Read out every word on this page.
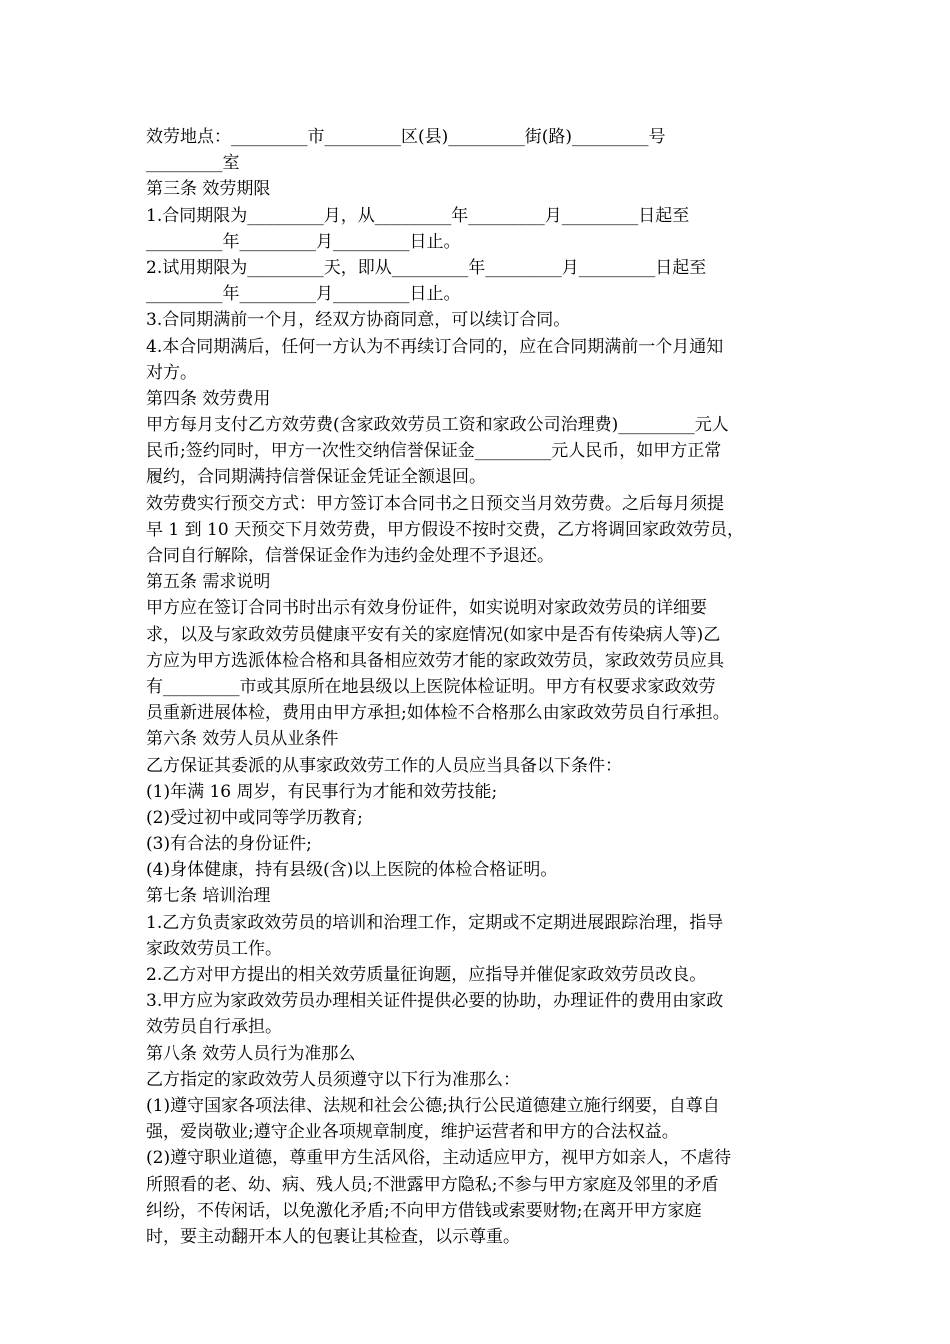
效劳地点：_________市_________区(县)_________街(路)_________号
_________室
第三条 效劳期限
1.合同期限为_________月，从_________年_________月_________日起至
_________年_________月_________日止。
2.试用期限为_________天，即从_________年_________月_________日起至
_________年_________月_________日止。
3.合同期满前一个月，经双方协商同意，可以续订合同。
4.本合同期满后，任何一方认为不再续订合同的，应在合同期满前一个月通知
对方。
第四条 效劳费用
甲方每月支付乙方效劳费(含家政效劳员工资和家政公司治理费)_________元人
民币;签约同时，甲方一次性交纳信誉保证金_________元人民币，如甲方正常
履约，合同期满持信誉保证金凭证全额退回。
效劳费实行预交方式：甲方签订本合同书之日预交当月效劳费。之后每月须提
早 1 到 10 天预交下月效劳费，甲方假设不按时交费，乙方将调回家政效劳员，
合同自行解除，信誉保证金作为违约金处理不予退还。
第五条 需求说明
甲方应在签订合同书时出示有效身份证件，如实说明对家政效劳员的详细要
求，以及与家政效劳员健康平安有关的家庭情况(如家中是否有传染病人等)乙
方应为甲方选派体检合格和具备相应效劳才能的家政效劳员，家政效劳员应具
有_________市或其原所在地县级以上医院体检证明。甲方有权要求家政效劳
员重新进展体检，费用由甲方承担;如体检不合格那么由家政效劳员自行承担。
第六条 效劳人员从业条件
乙方保证其委派的从事家政效劳工作的人员应当具备以下条件：
(1)年满 16 周岁，有民事行为才能和效劳技能;
(2)受过初中或同等学历教育;
(3)有合法的身份证件;
(4)身体健康，持有县级(含)以上医院的体检合格证明。
第七条 培训治理
1.乙方负责家政效劳员的培训和治理工作，定期或不定期进展跟踪治理，指导
家政效劳员工作。
2.乙方对甲方提出的相关效劳质量征询题，应指导并催促家政效劳员改良。
3.甲方应为家政效劳员办理相关证件提供必要的协助，办理证件的费用由家政
效劳员自行承担。
第八条 效劳人员行为准那么
乙方指定的家政效劳人员须遵守以下行为准那么：
(1)遵守国家各项法律、法规和社会公德;执行公民道德建立施行纲要，自尊自
强，爱岗敬业;遵守企业各项规章制度，维护运营者和甲方的合法权益。
(2)遵守职业道德，尊重甲方生活风俗，主动适应甲方，视甲方如亲人，不虐待
所照看的老、幼、病、残人员;不泄露甲方隐私;不参与甲方家庭及邻里的矛盾
纠纷，不传闲话，以免激化矛盾;不向甲方借钱或索要财物;在离开甲方家庭
时，要主动翻开本人的包裹让其检查，以示尊重。
